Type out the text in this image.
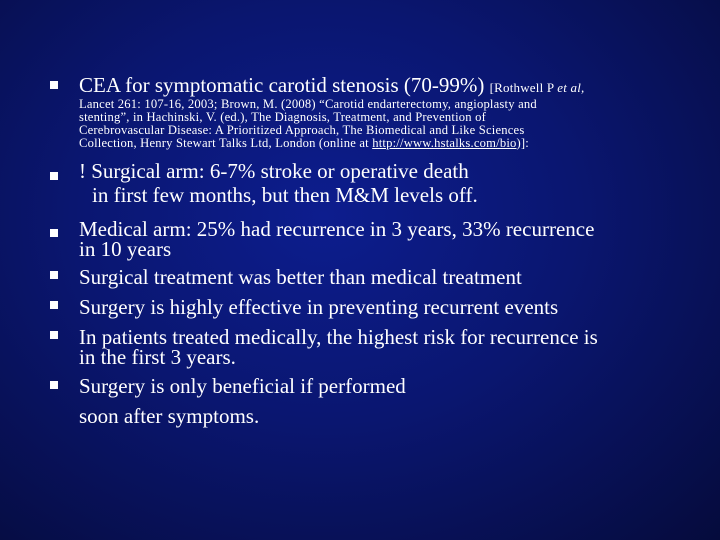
CEA for symptomatic carotid stenosis (70-99%) [Rothwell P et al,
Lancet 261: 107-16, 2003; Brown, M. (2008) “Carotid endarterectomy, angioplasty and
stenting”, in Hachinski, V. (ed.), The Diagnosis, Treatment, and Prevention of
Cerebrovascular Disease: A Prioritized Approach, The Biomedical and Like Sciences
Collection, Henry Stewart Talks Ltd, London (online at http://www.hstalks.com/bio)]:
! Surgical arm: 6-7% stroke or operative death
in first few months, but then M&M levels off.
Medical arm: 25% had recurrence in 3 years, 33% recurrence
in 10 years
Surgical treatment was better than medical treatment
Surgery is highly effective in preventing recurrent events
In patients treated medically, the highest risk for recurrence is
in the first 3 years.
Surgery is only beneficial if performed
soon after symptoms.
